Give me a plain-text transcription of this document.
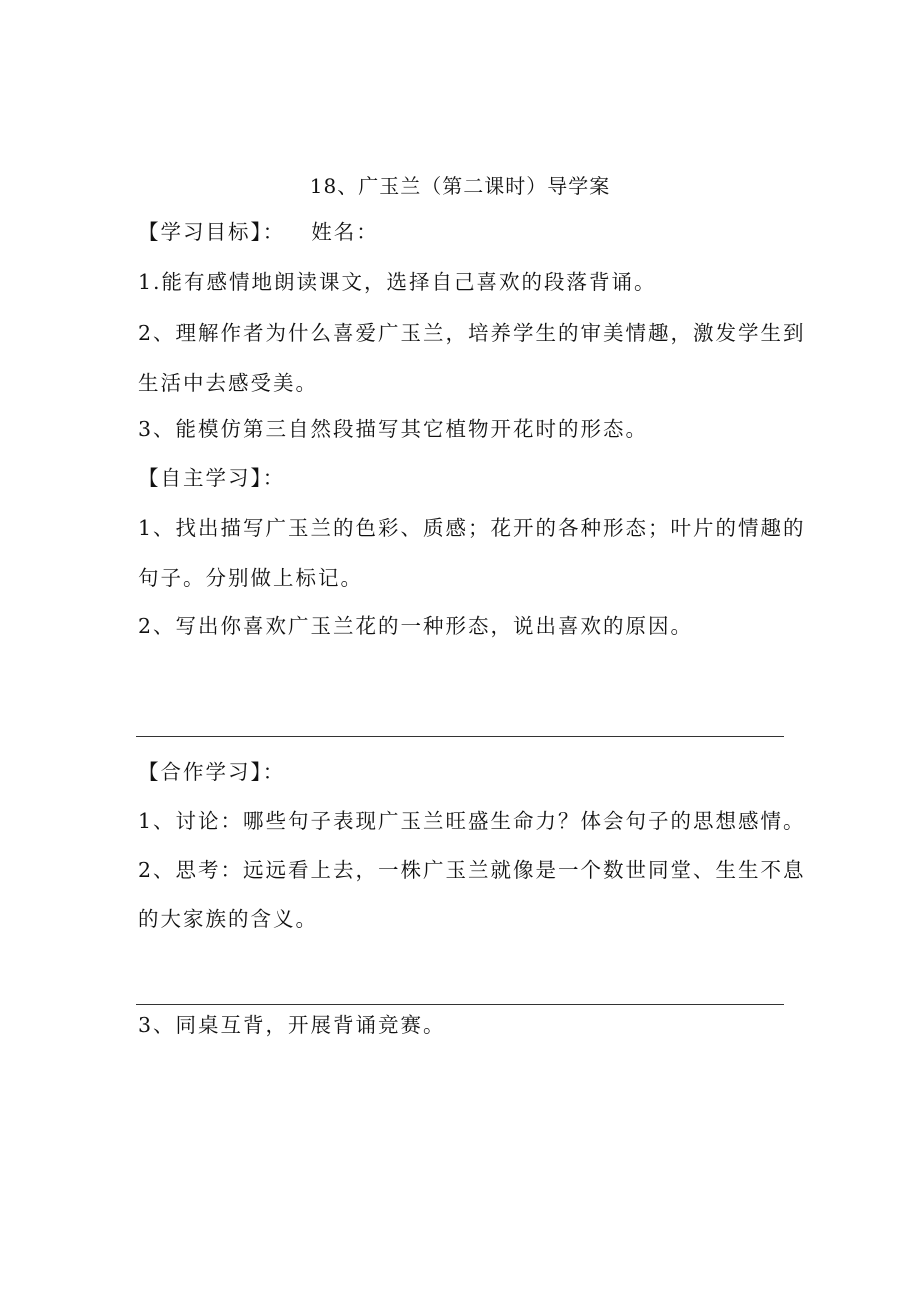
18、广玉兰（第二课时）导学案
【学习目标】： 姓名：
1.能有感情地朗读课文，选择自己喜欢的段落背诵。
2、理解作者为什么喜爱广玉兰，培养学生的审美情趣，激发学生到
生活中去感受美。
3、能模仿第三自然段描写其它植物开花时的形态。
【自主学习】：
1、找出描写广玉兰的色彩、质感；花开的各种形态；叶片的情趣的
句子。分别做上标记。
2、写出你喜欢广玉兰花的一种形态，说出喜欢的原因。
【合作学习】：
1、讨论：哪些句子表现广玉兰旺盛生命力？体会句子的思想感情。
2、思考：远远看上去，一株广玉兰就像是一个数世同堂、生生不息
的大家族的含义。
3、同桌互背，开展背诵竞赛。
